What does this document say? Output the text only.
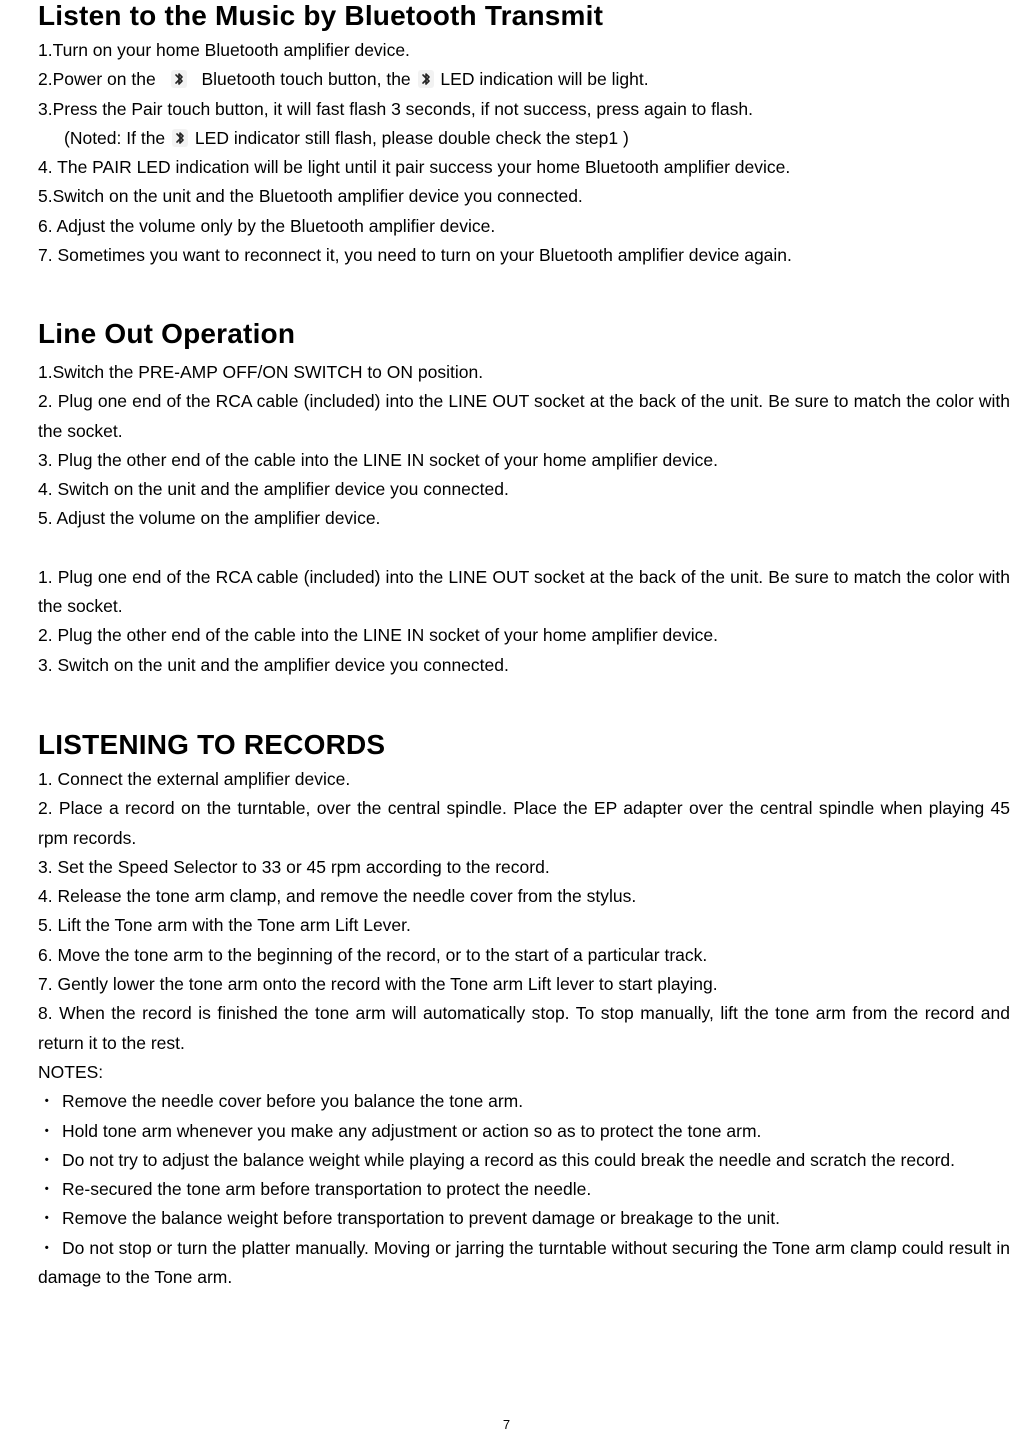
Listen to the Music by Bluetooth Transmit

1.Turn on your home Bluetooth amplifier device.

2.Power on the	Bluetooth touch button, the LED indication will be light.

3.Press the Pair touch button, it will fast flash 3 seconds, if not success, press again to flash.

(Noted: If the LED indicator still flash, please double check the step1 )

4. The PAIR LED indication will be light until it pair success your home Bluetooth amplifier device.

5.Switch on the unit and the Bluetooth amplifier device you connected.

6. Adjust the volume only by the Bluetooth amplifier device.

7. Sometimes you want to reconnect it, you need to turn on your Bluetooth amplifier device again.

Line Out Operation

1.Switch the PRE-AMP OFF/ON SWITCH to ON position.

2. Plug one end of the RCA cable (included) into the LINE OUT socket at the back of the unit. Be sure to match the color with the socket.

3. Plug the other end of the cable into the LINE IN socket of your home amplifier device.

4. Switch on the unit and the amplifier device you connected.

5. Adjust the volume on the amplifier device.

1. Plug one end of the RCA cable (included) into the LINE OUT socket at the back of the unit. Be sure to match the color with the socket.

2. Plug the other end of the cable into the LINE IN socket of your home amplifier device.

3. Switch on the unit and the amplifier device you connected.

LISTENING TO RECORDS

1. Connect the external amplifier device.

2. Place a record on the turntable, over the central spindle. Place the EP adapter over the central spindle when playing 45 rpm records.

3. Set the Speed Selector to 33 or 45 rpm according to the record.

4. Release the tone arm clamp, and remove the needle cover from the stylus.

5. Lift the Tone arm with the Tone arm Lift Lever.

6. Move the tone arm to the beginning of the record, or to the start of a particular track.

7. Gently lower the tone arm onto the record with the Tone arm Lift lever to start playing.

8. When the record is finished the tone arm will automatically stop. To stop manually, lift the tone arm from the record and return it to the rest.

NOTES:

・ Remove the needle cover before you balance the tone arm.

・ Hold tone arm whenever you make any adjustment or action so as to protect the tone arm.

・ Do not try to adjust the balance weight while playing a record as this could break the needle and scratch the record.

・ Re-secured the tone arm before transportation to protect the needle.

・ Remove the balance weight before transportation to prevent damage or breakage to the unit.

・ Do not stop or turn the platter manually. Moving or jarring the turntable without securing the Tone arm clamp could result in damage to the Tone arm.

7
